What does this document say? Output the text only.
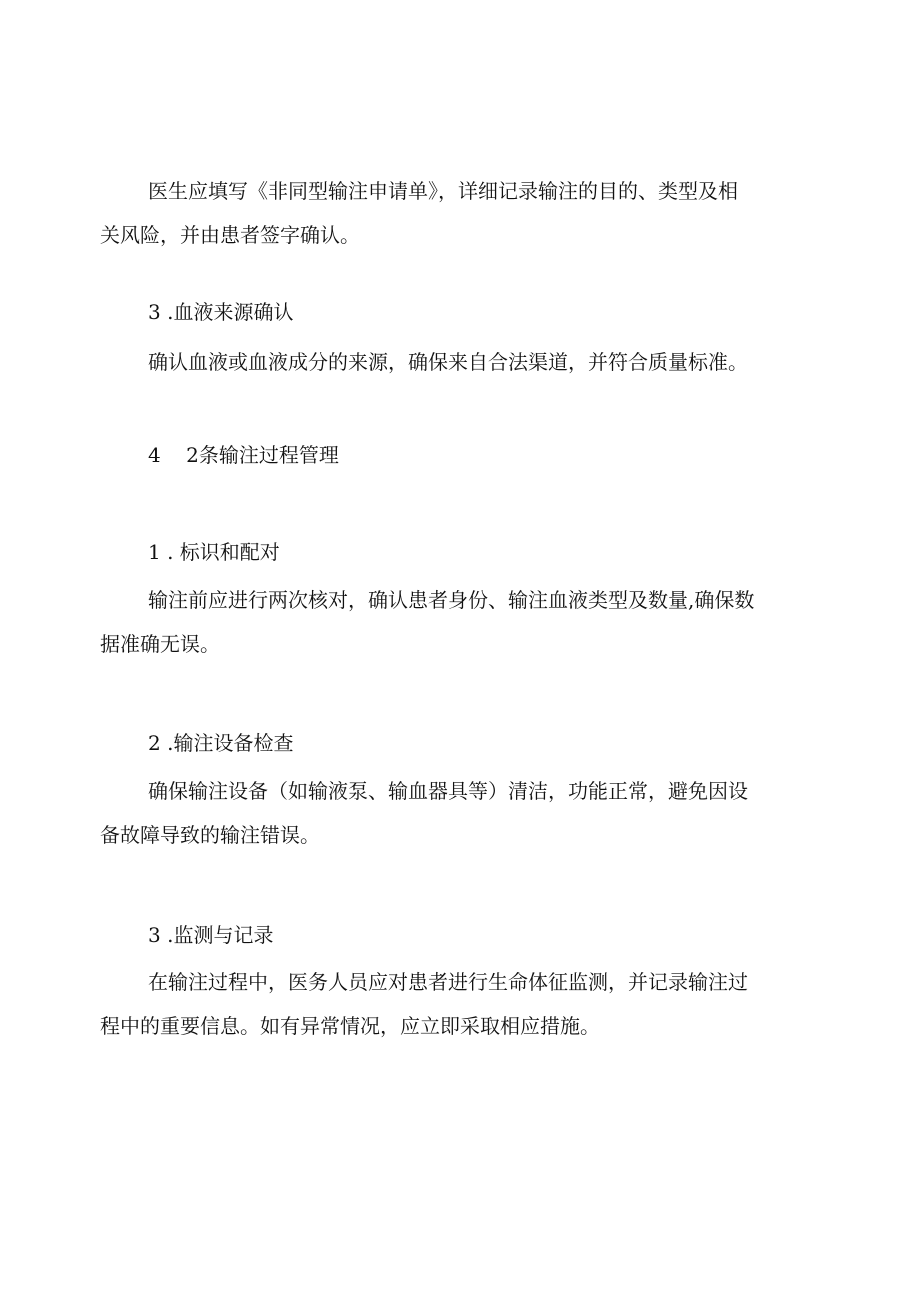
医生应填写《非同型输注申请单》，详细记录输注的目的、类型及相
关风险，并由患者签字确认。
3 .血液来源确认
确认血液或血液成分的来源，确保来自合法渠道，并符合质量标准。
4    2条输注过程管理
1 . 标识和配对
输注前应进行两次核对，确认患者身份、输注血液类型及数量,确保数
据准确无误。
2 .输注设备检查
确保输注设备（如输液泵、输血器具等）清洁，功能正常，避免因设
备故障导致的输注错误。
3 .监测与记录
在输注过程中，医务人员应对患者进行生命体征监测，并记录输注过
程中的重要信息。如有异常情况，应立即采取相应措施。
